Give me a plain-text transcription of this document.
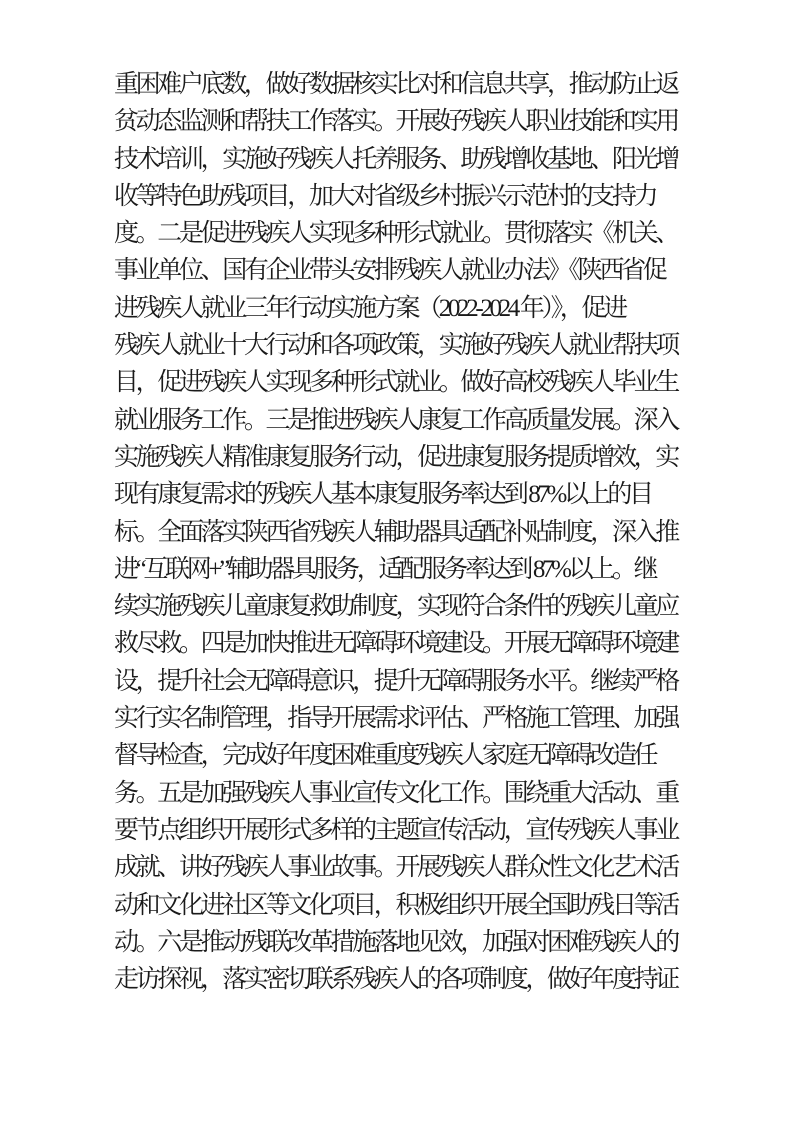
重困难户底数，做好数据核实比对和信息共享，推动防止返
贫动态监测和帮扶工作落实。开展好残疾人职业技能和实用
技术培训，实施好残疾人托养服务、助残增收基地、阳光增
收等特色助残项目，加大对省级乡村振兴示范村的支持力
度。二是促进残疾人实现多种形式就业。贯彻落实《机关、
事业单位、国有企业带头安排残疾人就业办法》《陕西省促
进残疾人就业三年行动实施方案（2022-2024 年）》，促进
残疾人就业十大行动和各项政策，实施好残疾人就业帮扶项
目，促进残疾人实现多种形式就业。做好高校残疾人毕业生
就业服务工作。三是推进残疾人康复工作高质量发展。深入
实施残疾人精准康复服务行动，促进康复服务提质增效，实
现有康复需求的残疾人基本康复服务率达到 87%以上的目
标。全面落实陕西省残疾人辅助器具适配补贴制度，深入推
进“互联网+”辅助器具服务，适配服务率达到 87%以上。继
续实施残疾儿童康复救助制度，实现符合条件的残疾儿童应
救尽救。四是加快推进无障碍环境建设。开展无障碍环境建
设，提升社会无障碍意识，提升无障碍服务水平。继续严格
实行实名制管理，指导开展需求评估、严格施工管理、加强
督导检查，完成好年度困难重度残疾人家庭无障碍改造任
务。五是加强残疾人事业宣传文化工作。围绕重大活动、重
要节点组织开展形式多样的主题宣传活动，宣传残疾人事业
成就、讲好残疾人事业故事。开展残疾人群众性文化艺术活
动和文化进社区等文化项目，积极组织开展全国助残日等活
动。六是推动残联改革措施落地见效，加强对困难残疾人的
走访探视，落实密切联系残疾人的各项制度，做好年度持证
